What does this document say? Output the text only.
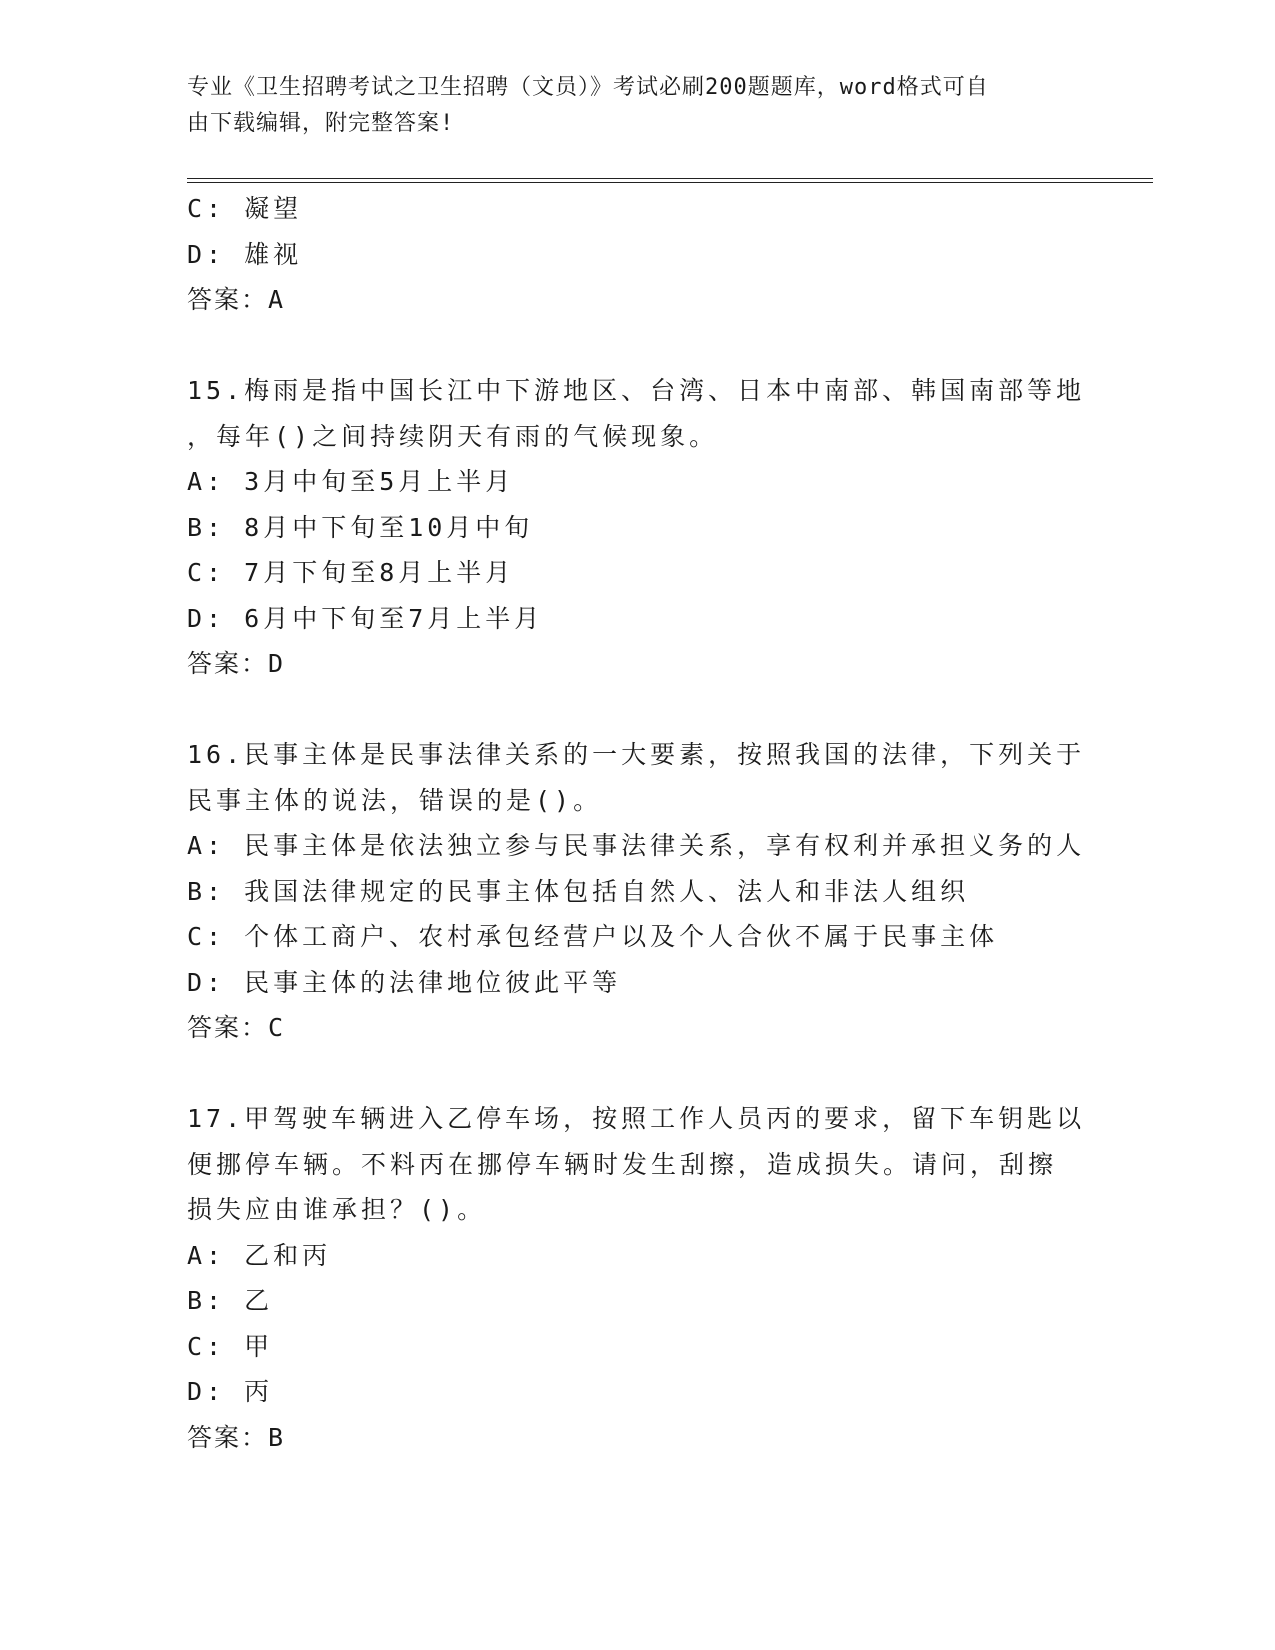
专业《卫生招聘考试之卫生招聘（文员）》考试必刷200题题库，word格式可自
由下载编辑，附完整答案!
C: 凝望
D: 雄视
答案：A
15.梅雨是指中国长江中下游地区、台湾、日本中南部、韩国南部等地
，每年()之间持续阴天有雨的气候现象。
A: 3月中旬至5月上半月
B: 8月中下旬至10月中旬
C: 7月下旬至8月上半月
D: 6月中下旬至7月上半月
答案：D
16.民事主体是民事法律关系的一大要素，按照我国的法律，下列关于
民事主体的说法，错误的是()。
A: 民事主体是依法独立参与民事法律关系，享有权利并承担义务的人
B: 我国法律规定的民事主体包括自然人、法人和非法人组织
C: 个体工商户、农村承包经营户以及个人合伙不属于民事主体
D: 民事主体的法律地位彼此平等
答案：C
17.甲驾驶车辆进入乙停车场，按照工作人员丙的要求，留下车钥匙以
便挪停车辆。不料丙在挪停车辆时发生刮擦，造成损失。请问，刮擦
损失应由谁承担？()。
A: 乙和丙
B: 乙
C: 甲
D: 丙
答案：B
